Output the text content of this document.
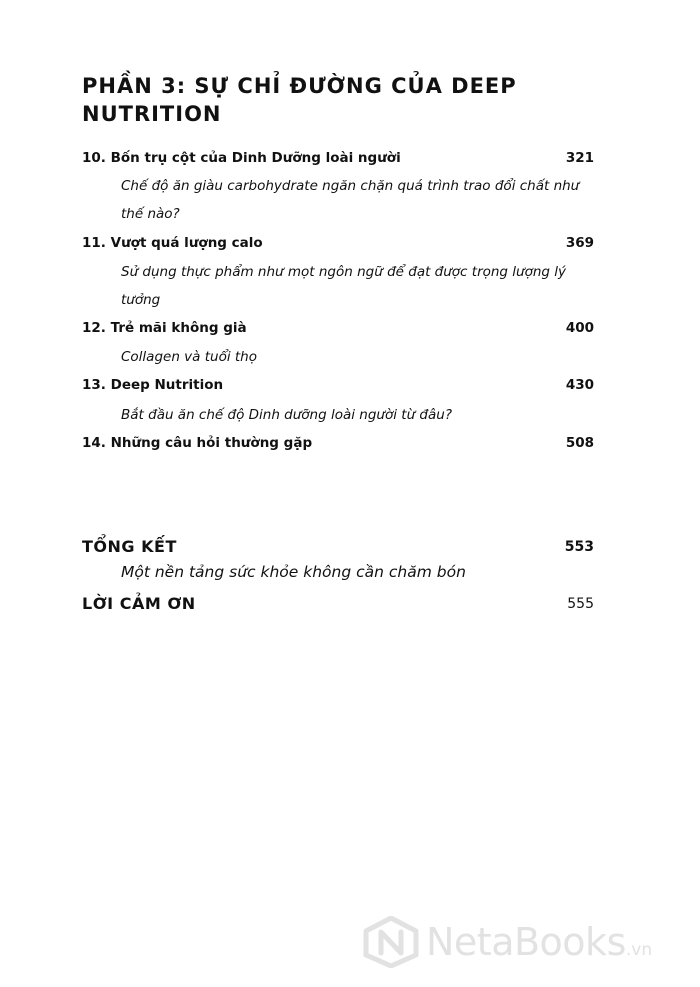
PHẦN 3: SỰ CHỈ ĐƯỜNG CỦA DEEP NUTRITION
10. Bốn trụ cột của Dinh Dưỡng loài người	321
Chế độ ăn giàu carbohydrate ngăn chặn quá trình trao đổi chất như thế nào?
11. Vượt quá lượng calo	369
Sử dụng thực phẩm như mọt ngôn ngữ để đạt được trọng lượng lý tưởng
12. Trẻ mãi không già	400
Collagen và tuổi thọ
13. Deep Nutrition	430
Bắt đầu ăn chế độ Dinh dưỡng loài người từ đâu?
14. Những câu hỏi thường gặp	508
TỔNG KẾT	553
Một nền tảng sức khỏe không cần chăm bón
LỜI CẢM ƠN	555
NetaBooks.vn
